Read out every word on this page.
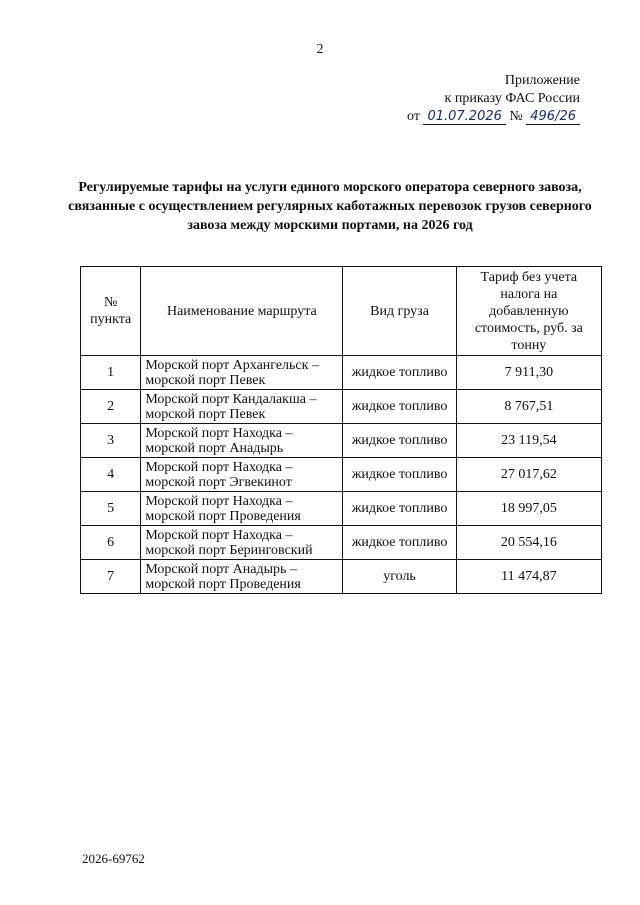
2
Приложение
к приказу ФАС России
от 01.07.2026 № 496/26
Регулируемые тарифы на услуги единого морского оператора северного завоза, связанные с осуществлением регулярных каботажных перевозок грузов северного завоза между морскими портами, на 2026 год
№ пункта	Наименование маршрута	Вид груза	Тариф без учета налога на добавленную стоимость, руб. за тонну
1	Морской порт Архангельск – морской порт Певек	жидкое топливо	7 911,30
2	Морской порт Кандалакша – морской порт Певек	жидкое топливо	8 767,51
3	Морской порт Находка – морской порт Анадырь	жидкое топливо	23 119,54
4	Морской порт Находка – морской порт Эгвекинот	жидкое топливо	27 017,62
5	Морской порт Находка – морской порт Проведения	жидкое топливо	18 997,05
6	Морской порт Находка – морской порт Беринговский	жидкое топливо	20 554,16
7	Морской порт Анадырь – морской порт Проведения	уголь	11 474,87
2026-69762
